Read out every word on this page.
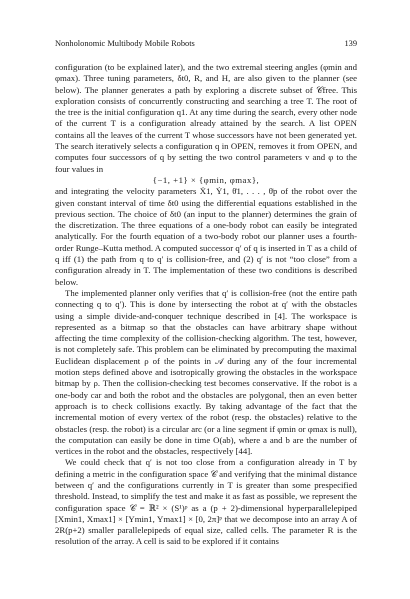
Nonholonomic Multibody Mobile Robots	139

configuration (to be explained later), and the two extremal steering angles (φmin and φmax). Three tuning parameters, δt0, R, and H, are also given to the planner (see below). The planner generates a path by exploring a discrete subset of 𝒞free. This exploration consists of concurrently constructing and searching a tree T. The root of the tree is the initial configuration q1. At any time during the search, every other node of the current T is a configuration already attained by the search. A list OPEN contains all the leaves of the current T whose successors have not been generated yet. The search iteratively selects a configuration q in OPEN, removes it from OPEN, and computes four successors of q by setting the two control parameters v and φ to the four values in

{−1, +1} × {φmin, φmax},

and integrating the velocity parameters Ẋ1, Ẏ1, θ̇1, . . . , θ̇p of the robot over the given constant interval of time δt0 using the differential equations established in the previous section. The choice of δt0 (an input to the planner) determines the grain of the discretization. The three equations of a one-body robot can easily be integrated analytically. For the fourth equation of a two-body robot our planner uses a fourth-order Runge–Kutta method. A computed successor q′ of q is inserted in T as a child of q iff (1) the path from q to q′ is collision-free, and (2) q′ is not “too close” from a configuration already in T. The implementation of these two conditions is described below.

The implemented planner only verifies that q′ is collision-free (not the entire path connecting q to q′). This is done by intersecting the robot at q′ with the obstacles using a simple divide-and-conquer technique described in [4]. The workspace is represented as a bitmap so that the obstacles can have arbitrary shape without affecting the time complexity of the collision-checking algorithm. The test, however, is not completely safe. This problem can be eliminated by precomputing the maximal Euclidean displacement ρ of the points in 𝒜 during any of the four incremental motion steps defined above and isotropically growing the obstacles in the workspace bitmap by ρ. Then the collision-checking test becomes conservative. If the robot is a one-body car and both the robot and the obstacles are polygonal, then an even better approach is to check collisions exactly. By taking advantage of the fact that the incremental motion of every vertex of the robot (resp. the obstacles) relative to the obstacles (resp. the robot) is a circular arc (or a line segment if φmin or φmax is null), the computation can easily be done in time O(ab), where a and b are the number of vertices in the robot and the obstacles, respectively [44].

We could check that q′ is not too close from a configuration already in T by defining a metric in the configuration space 𝒞 and verifying that the minimal distance between q′ and the configurations currently in T is greater than some prespecified threshold. Instead, to simplify the test and make it as fast as possible, we represent the configuration space 𝒞 = ℝ² × (S¹)ᵖ as a (p + 2)-dimensional hyperparallelepiped [Xmin1, Xmax1] × [Ymin1, Ymax1] × [0, 2π]ᵖ that we decompose into an array A of 2R(p+2) smaller parallelepipeds of equal size, called cells. The parameter R is the resolution of the array. A cell is said to be explored if it contains
